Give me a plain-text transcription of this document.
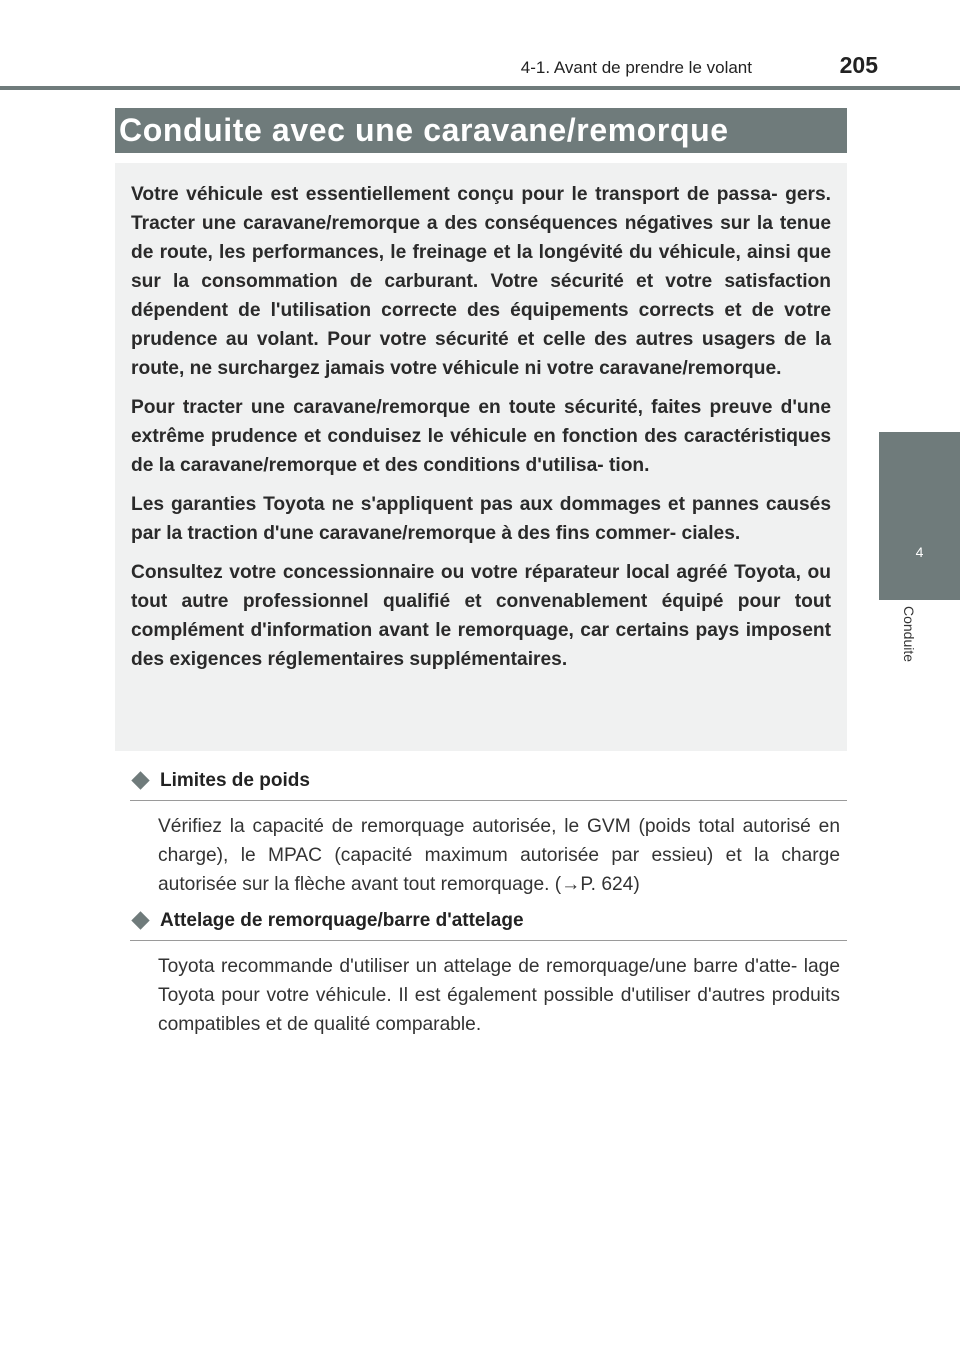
4-1. Avant de prendre le volant	205
Conduite avec une caravane/remorque

Votre véhicule est essentiellement conçu pour le transport de passa- gers. Tracter une caravane/remorque a des conséquences négatives sur la tenue de route, les performances, le freinage et la longévité du véhicule, ainsi que sur la consommation de carburant. Votre sécurité et votre satisfaction dépendent de l'utilisation correcte des équipements corrects et de votre prudence au volant. Pour votre sécurité et celle des autres usagers de la route, ne surchargez jamais votre véhicule ni votre caravane/remorque.

Pour tracter une caravane/remorque en toute sécurité, faites preuve d'une extrême prudence et conduisez le véhicule en fonction des caractéristiques de la caravane/remorque et des conditions d'utilisa- tion.

Les garanties Toyota ne s'appliquent pas aux dommages et pannes causés par la traction d'une caravane/remorque à des fins commer- ciales.

Consultez votre concessionnaire ou votre réparateur local agréé Toyota, ou tout autre professionnel qualifié et convenablement équipé pour tout complément d'information avant le remorquage, car certains pays imposent des exigences réglementaires supplémentaires.

Limites de poids

Vérifiez la capacité de remorquage autorisée, le GVM (poids total autorisé en charge), le MPAC (capacité maximum autorisée par essieu) et la charge autorisée sur la flèche avant tout remorquage. (→P. 624)

Attelage de remorquage/barre d'attelage

Toyota recommande d'utiliser un attelage de remorquage/une barre d'atte- lage Toyota pour votre véhicule. Il est également possible d'utiliser d'autres produits compatibles et de qualité comparable.

4
Conduite
